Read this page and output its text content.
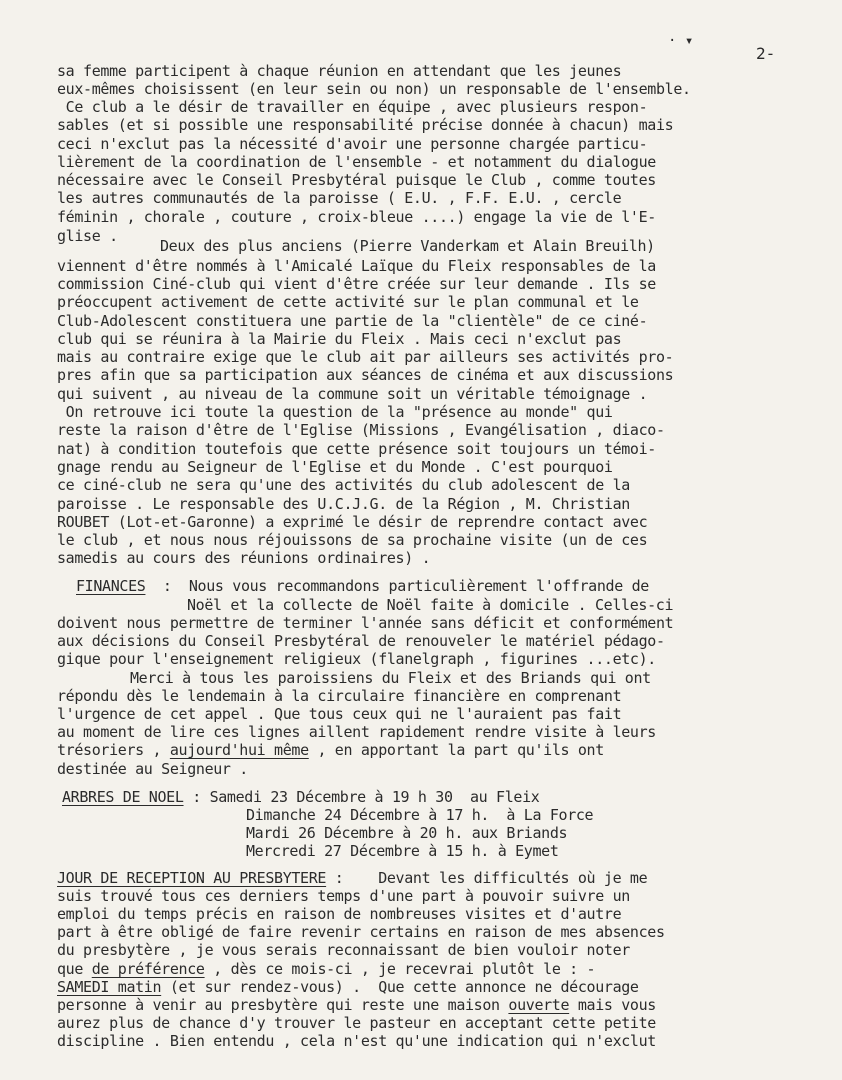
· ▾
2-
sa femme participent à chaque réunion en attendant que les jeunes
eux-mêmes choisissent (en leur sein ou non) un responsable de l'ensemble.
Ce club a le désir de travailler en équipe , avec plusieurs respon-
sables (et si possible une responsabilité précise donnée à chacun) mais
ceci n'exclut pas la nécessité d'avoir une personne chargée particu-
lièrement de la coordination de l'ensemble - et notamment du dialogue
nécessaire avec le Conseil Presbytéral puisque le Club , comme toutes
les autres communautés de la paroisse ( E.U. , F.F. E.U. , cercle
féminin , chorale , couture , croix-bleue ....) engage la vie de l'E-
glise .
Deux des plus anciens (Pierre Vanderkam et Alain Breuilh)
viennent d'être nommés à l'Amicalé Laïque du Fleix responsables de la
commission Ciné-club qui vient d'être créée sur leur demande . Ils se
préoccupent activement de cette activité sur le plan communal et le
Club-Adolescent constituera une partie de la "clientèle" de ce ciné-
club qui se réunira à la Mairie du Fleix . Mais ceci n'exclut pas
mais au contraire exige que le club ait par ailleurs ses activités pro-
pres afin que sa participation aux séances de cinéma et aux discussions
qui suivent , au niveau de la commune soit un véritable témoignage .
On retrouve ici toute la question de la "présence au monde" qui
reste la raison d'être de l'Eglise (Missions , Evangélisation , diaco-
nat) à condition toutefois que cette présence soit toujours un témoi-
gnage rendu au Seigneur de l'Eglise et du Monde . C'est pourquoi
ce ciné-club ne sera qu'une des activités du club adolescent de la
paroisse . Le responsable des U.C.J.G. de la Région , M. Christian
ROUBET (Lot-et-Garonne) a exprimé le désir de reprendre contact avec
le club , et nous nous réjouissons de sa prochaine visite (un de ces
samedis au cours des réunions ordinaires) .
FINANCES  :  Nous vous recommandons particulièrement l'offrande de
Noël et la collecte de Noël faite à domicile . Celles-ci
doivent nous permettre de terminer l'année sans déficit et conformément
aux décisions du Conseil Presbytéral de renouveler le matériel pédago-
gique pour l'enseignement religieux (flanelgraph , figurines ...etc).
Merci à tous les paroissiens du Fleix et des Briands qui ont
répondu dès le lendemain à la circulaire financière en comprenant
l'urgence de cet appel . Que tous ceux qui ne l'auraient pas fait
au moment de lire ces lignes aillent rapidement rendre visite à leurs
trésoriers , aujourd'hui même , en apportant la part qu'ils ont
destinée au Seigneur .
ARBRES DE NOEL : Samedi 23 Décembre à 19 h 30  au Fleix
Dimanche 24 Décembre à 17 h.  à La Force
Mardi 26 Décembre à 20 h. aux Briands
Mercredi 27 Décembre à 15 h. à Eymet
JOUR DE RECEPTION AU PRESBYTERE :    Devant les difficultés où je me
suis trouvé tous ces derniers temps d'une part à pouvoir suivre un
emploi du temps précis en raison de nombreuses visites et d'autre
part à être obligé de faire revenir certains en raison de mes absences
du presbytère , je vous serais reconnaissant de bien vouloir noter
que de préférence , dès ce mois-ci , je recevrai plutôt le : -
SAMEDI matin (et sur rendez-vous) .  Que cette annonce ne décourage
personne à venir au presbytère qui reste une maison ouverte mais vous
aurez plus de chance d'y trouver le pasteur en acceptant cette petite
discipline . Bien entendu , cela n'est qu'une indication qui n'exclut
